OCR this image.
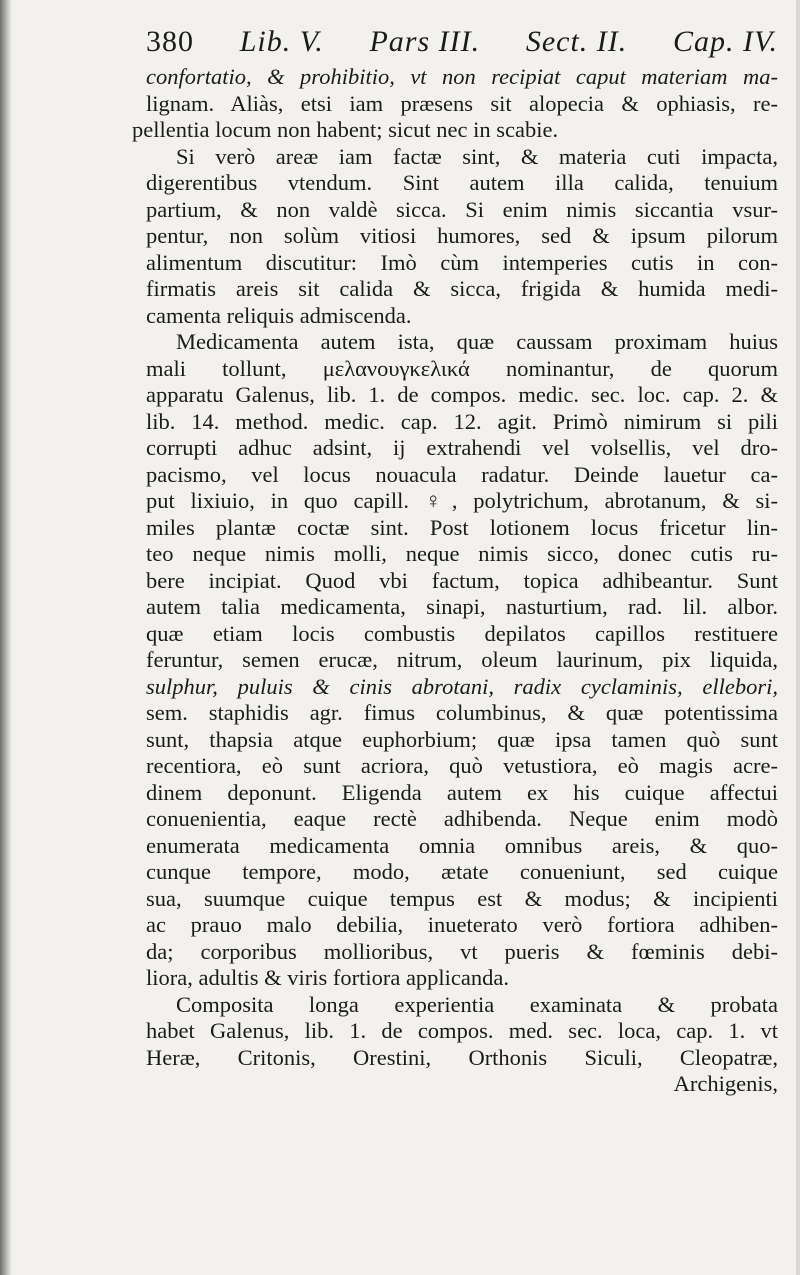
380 Lib. V. Pars III. Sect. II. Cap. IV.
confortatio, & prohibitio, vt non recipiat caput materiam ma-
lignam. Aliàs, etsi iam præsens sit alopecia & ophiasis, re-
pellentia locum non habent; sicut nec in scabie.
Si verò areæ iam factæ sint, & materia cuti impacta,
digerentibus vtendum. Sint autem illa calida, tenuium
partium, & non valdè sicca. Si enim nimis siccantia vsur-
pentur, non solùm vitiosi humores, sed & ipsum pilorum
alimentum discutitur: Imò cùm intemperies cutis in con-
firmatis areis sit calida & sicca, frigida & humida medi-
camenta reliquis admiscenda.
Medicamenta autem ista, quæ caussam proximam huius
mali tollunt, μελανουγκελικά nominantur, de quorum
apparatu Galenus, lib. 1. de compos. medic. sec. loc. cap. 2. &
lib. 14. method. medic. cap. 12. agit. Primò nimirum si pili
corrupti adhuc adsint, ij extrahendi vel volsellis, vel dro-
pacismo, vel locus nouacula radatur. Deinde lauetur ca-
put lixiuio, in quo capill. ♀, polytrichum, abrotanum, & si-
miles plantæ coctæ sint. Post lotionem locus fricetur lin-
teo neque nimis molli, neque nimis sicco, donec cutis ru-
bere incipiat. Quod vbi factum, topica adhibeantur. Sunt
autem talia medicamenta, sinapi, nasturtium, rad. lil. albor.
quæ etiam locis combustis depilatos capillos restituere
feruntur, semen erucæ, nitrum, oleum laurinum, pix liquida,
sulphur, puluis & cinis abrotani, radix cyclaminis, ellebori,
sem. staphidis agr. fimus columbinus, & quæ potentissima
sunt, thapsia atque euphorbium; quæ ipsa tamen quò sunt
recentiora, eò sunt acriora, quò vetustiora, eò magis acre-
dinem deponunt. Eligenda autem ex his cuique affectui
conuenientia, eaque rectè adhibenda. Neque enim modò
enumerata medicamenta omnia omnibus areis, & quo-
cunque tempore, modo, ætate conueniunt, sed cuique
sua, suumque cuique tempus est & modus; & incipienti
ac prauo malo debilia, inueterato verò fortiora adhiben-
da; corporibus mollioribus, vt pueris & fœminis debi-
liora, adultis & viris fortiora applicanda.
Composita longa experientia examinata & probata
habet Galenus, lib. 1. de compos. med. sec. loca, cap. 1. vt
Heræ, Critonis, Orestini, Orthonis Siculi, Cleopatræ,
Archigenis,
